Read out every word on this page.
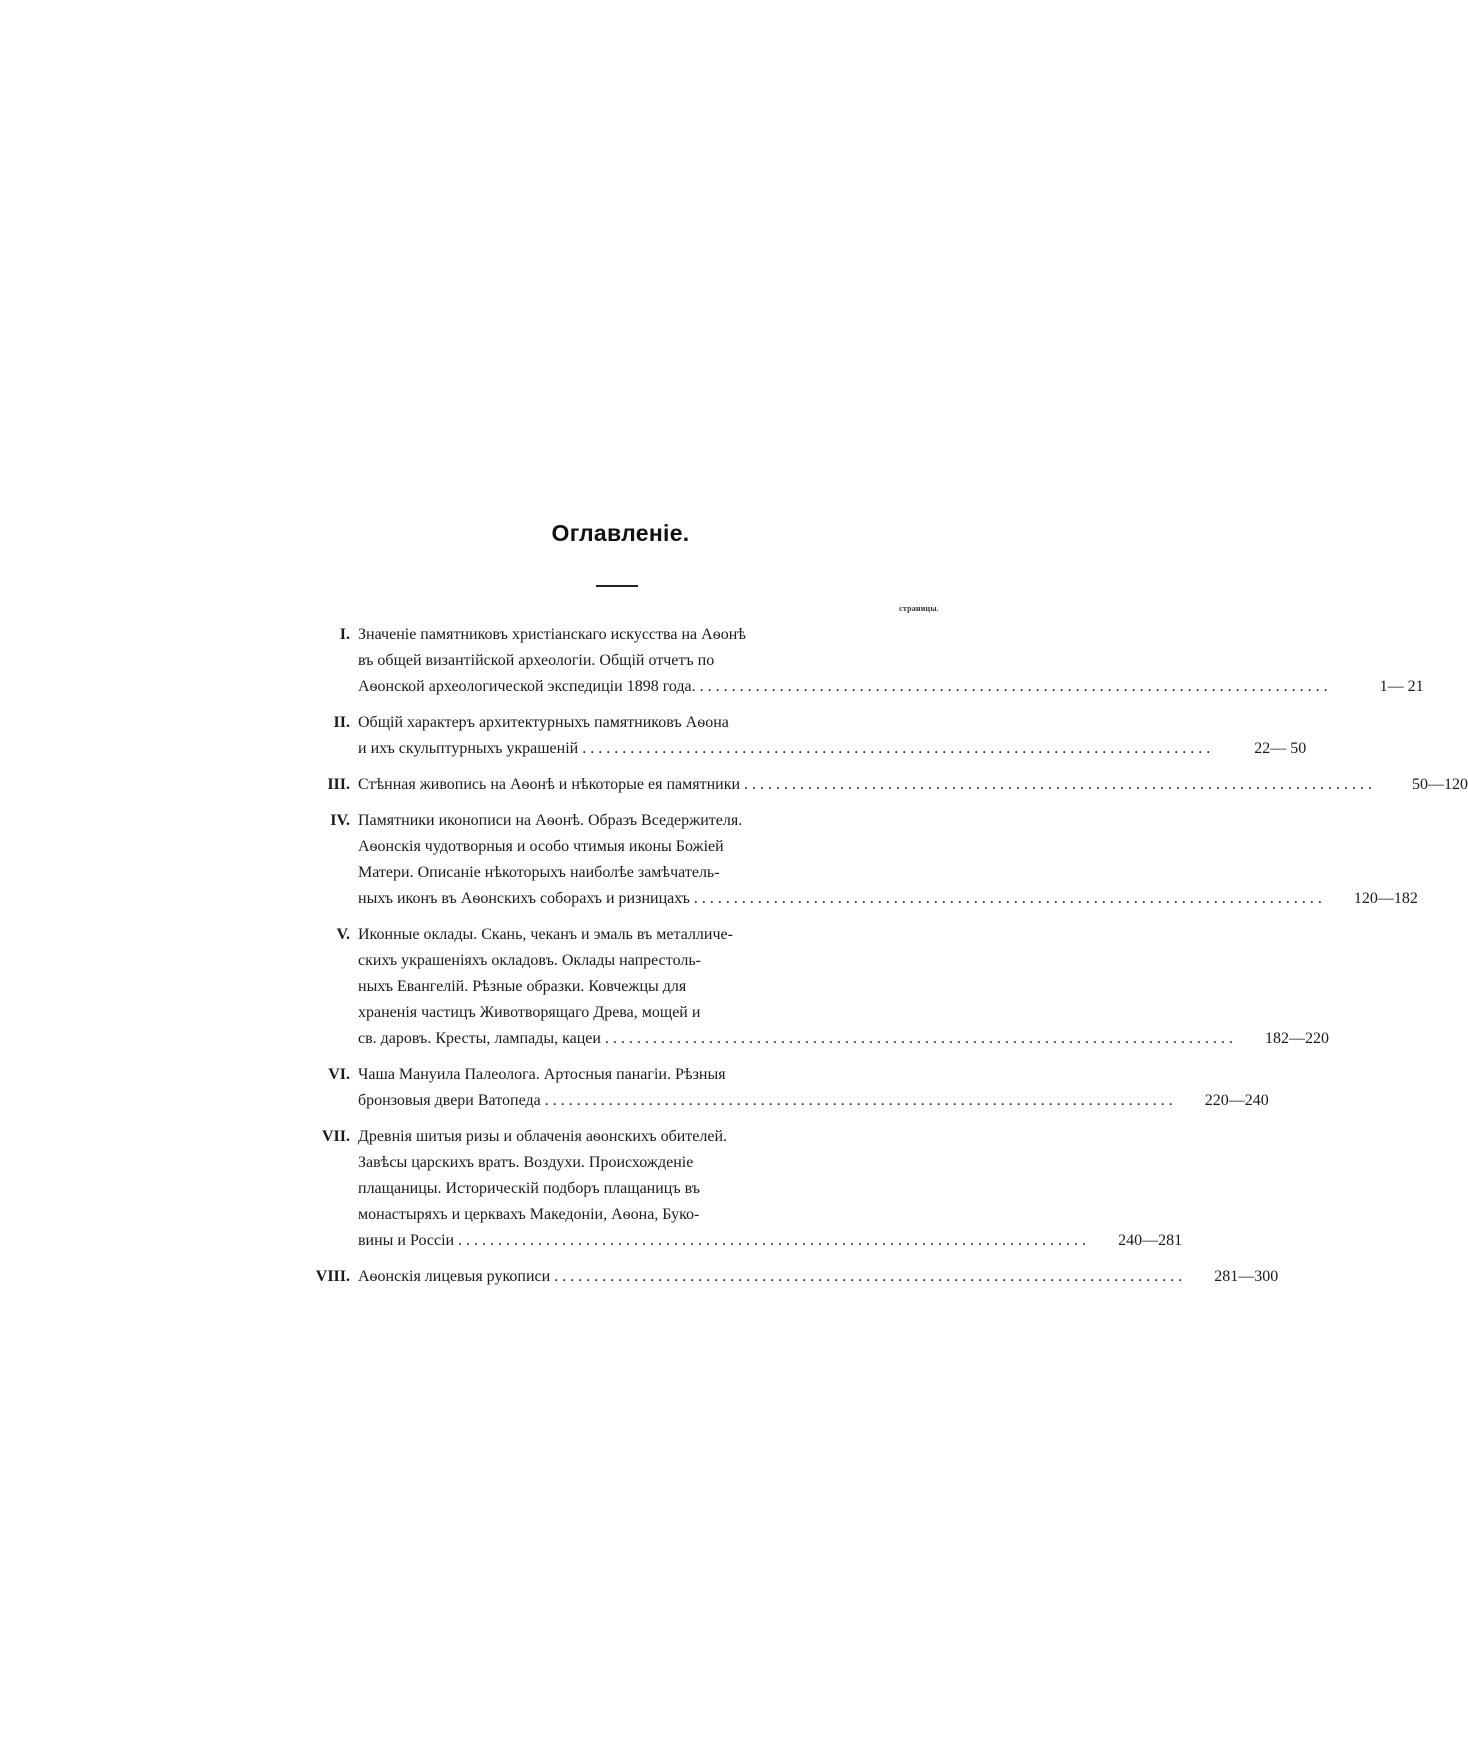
Оглавленіе.
страницы.
I. Значеніе памятниковъ христіанскаго искусства на Аѳонѣ
въ общей византійской археологіи. Общій отчетъ по
Аѳонской археологической экспедиціи 1898 года. . . .	1— 21
II. Общій характеръ архитектурныхъ памятниковъ Аѳона
и ихъ скульптурныхъ украшеній . . .	22— 50
III. Стѣнная живопись на Аѳонѣ и нѣкоторые ея памятники . . .	50—120
IV. Памятники иконописи на Аѳонѣ. Образъ Вседержителя.
Аѳонскія чудотворныя и особо чтимыя иконы Божіей
Матери. Описаніе нѣкоторыхъ наиболѣе замѣчатель-
ныхъ иконъ въ Аѳонскихъ соборахъ и ризницахъ . . .	120—182
V. Иконные оклады. Скань, чеканъ и эмаль въ металличе-
скихъ украшеніяхъ окладовъ. Оклады напрестоль-
ныхъ Евангелій. Рѣзные образки. Ковчежцы для
храненія частицъ Животворящаго Древа, мощей и
св. даровъ. Кресты, лампады, кацеи . . .	182—220
VI. Чаша Мануила Палеолога. Артосныя панагіи. Рѣзныя
бронзовыя двери Ватопеда . . .	220—240
VII. Древнія шитыя ризы и облаченія аѳонскихъ обителей.
Завѣсы царскихъ вратъ. Воздухи. Происхожденіе
плащаницы. Историческій подборъ плащаницъ въ
монастыряхъ и церквахъ Македоніи, Аѳона, Буко-
вины и Россіи . . .	240—281
VIII. Аѳонскія лицевыя рукописи . . .	281—300
